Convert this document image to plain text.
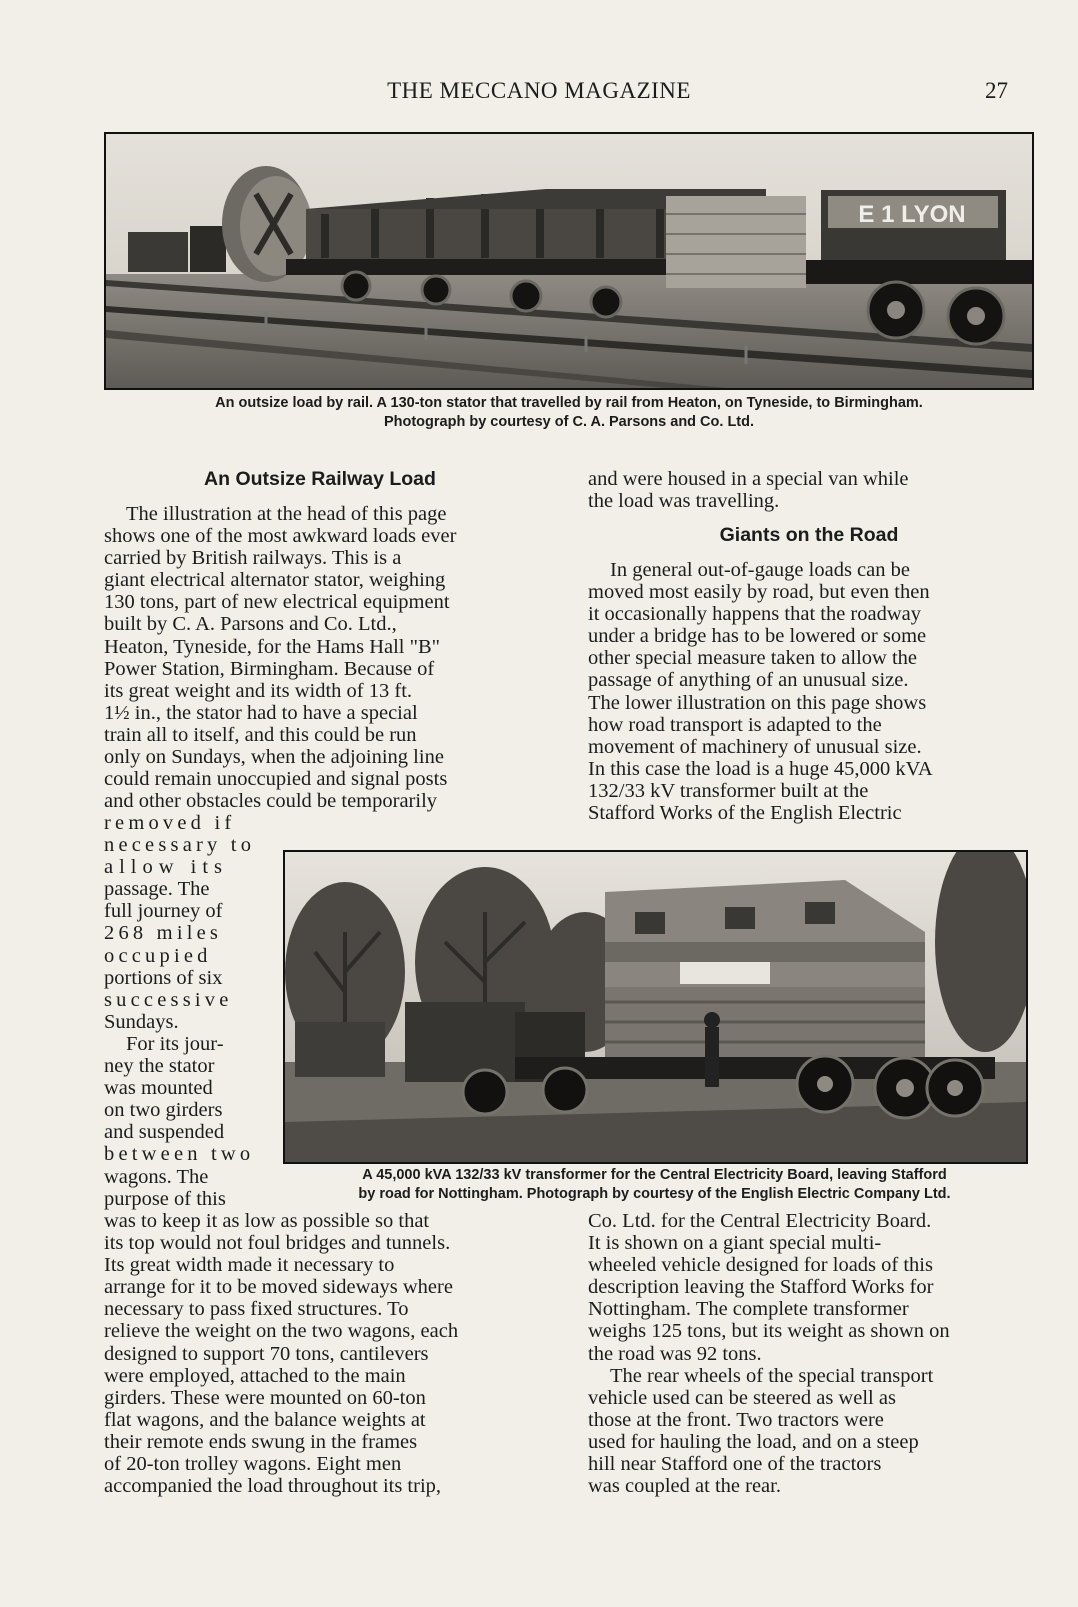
THE MECCANO MAGAZINE	27
E 1 LYON
An outsize load by rail. A 130-ton stator that travelled by rail from Heaton, on Tyneside, to Birmingham.
Photograph by courtesy of C. A. Parsons and Co. Ltd.
An Outsize Railway Load

The illustration at the head of this page

shows one of the most awkward loads ever

carried by British railways. This is a

giant electrical alternator stator, weighing

130 tons, part of new electrical equipment

built by C. A. Parsons and Co. Ltd.,

Heaton, Tyneside, for the Hams Hall "B"

Power Station, Birmingham. Because of

its great weight and its width of 13 ft.

1½ in., the stator had to have a special

train all to itself, and this could be run

only on Sundays, when the adjoining line

could remain unoccupied and signal posts

and other obstacles could be temporarily

removed if

necessary to

allow its

passage. The

full journey of

268 miles

occupied

portions of six

successive

Sundays.

For its jour-

ney the stator

was mounted

on two girders

and suspended

between two

wagons. The

purpose of this

was to keep it as low as possible so that

its top would not foul bridges and tunnels.

Its great width made it necessary to

arrange for it to be moved sideways where

necessary to pass fixed structures. To

relieve the weight on the two wagons, each

designed to support 70 tons, cantilevers

were employed, attached to the main

girders. These were mounted on 60-ton

flat wagons, and the balance weights at

their remote ends swung in the frames

of 20-ton trolley wagons. Eight men

accompanied the load throughout its trip,

and were housed in a special van while

the load was travelling.

Giants on the Road

In general out-of-gauge loads can be

moved most easily by road, but even then

it occasionally happens that the roadway

under a bridge has to be lowered or some

other special measure taken to allow the

passage of anything of an unusual size.

The lower illustration on this page shows

how road transport is adapted to the

movement of machinery of unusual size.

In this case the load is a huge 45,000 kVA

132/33 kV transformer built at the

Stafford Works of the English Electric

A 45,000 kVA 132/33 kV transformer for the Central Electricity Board, leaving Stafford
by road for Nottingham. Photograph by courtesy of the English Electric Company Ltd.

Co. Ltd. for the Central Electricity Board.

It is shown on a giant special multi-

wheeled vehicle designed for loads of this

description leaving the Stafford Works for

Nottingham. The complete transformer

weighs 125 tons, but its weight as shown on

the road was 92 tons.

The rear wheels of the special transport

vehicle used can be steered as well as

those at the front. Two tractors were

used for hauling the load, and on a steep

hill near Stafford one of the tractors

was coupled at the rear.
